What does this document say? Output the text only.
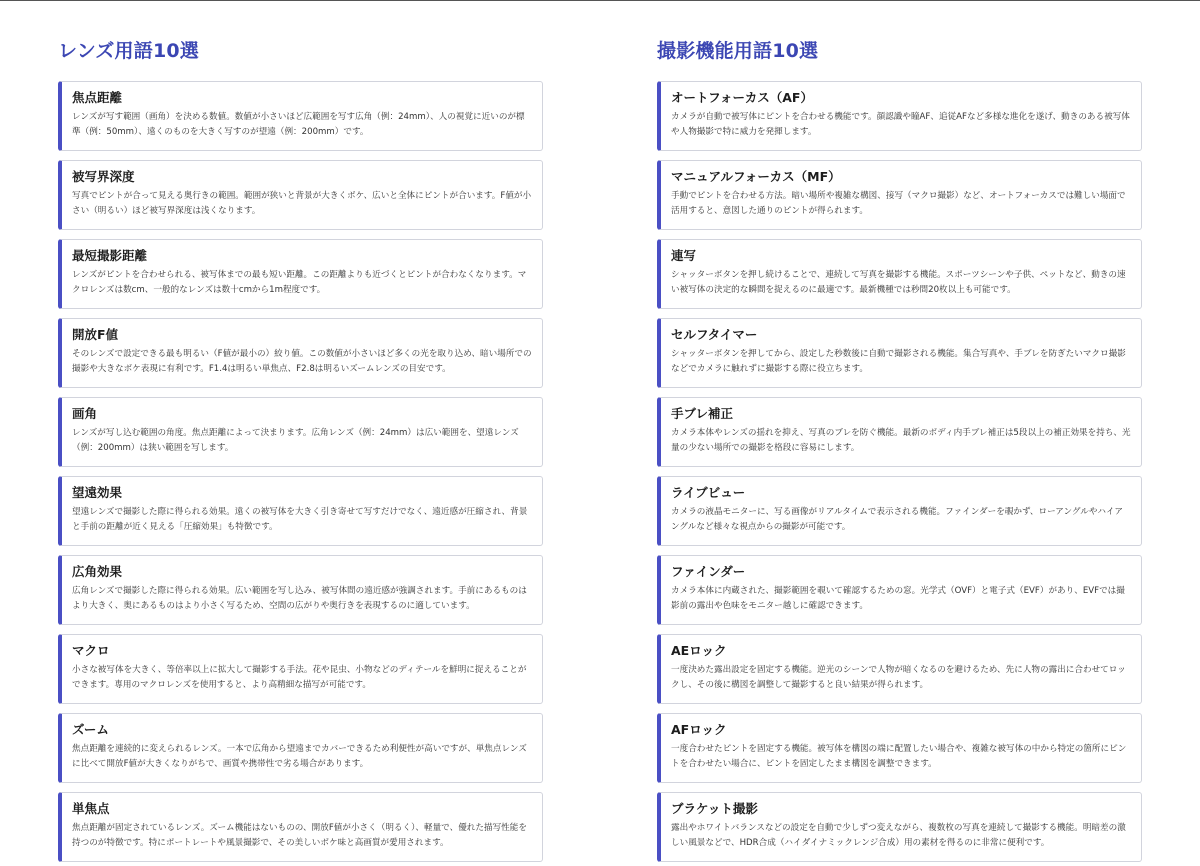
レンズ用語10選
焦点距離

レンズが写す範囲（画角）を決める数値。数値が小さいほど広範囲を写す広角（例：24mm）、人の視覚に近いのが標準（例：50mm）、遠くのものを大きく写すのが望遠（例：200mm）です。

被写界深度

写真でピントが合って見える奥行きの範囲。範囲が狭いと背景が大きくボケ、広いと全体にピントが合います。F値が小さい（明るい）ほど被写界深度は浅くなります。

最短撮影距離

レンズがピントを合わせられる、被写体までの最も短い距離。この距離よりも近づくとピントが合わなくなります。マクロレンズは数cm、一般的なレンズは数十cmから1m程度です。

開放F値

そのレンズで設定できる最も明るい（F値が最小の）絞り値。この数値が小さいほど多くの光を取り込め、暗い場所での撮影や大きなボケ表現に有利です。F1.4は明るい単焦点、F2.8は明るいズームレンズの目安です。

画角

レンズが写し込む範囲の角度。焦点距離によって決まります。広角レンズ（例：24mm）は広い範囲を、望遠レンズ（例：200mm）は狭い範囲を写します。

望遠効果

望遠レンズで撮影した際に得られる効果。遠くの被写体を大きく引き寄せて写すだけでなく、遠近感が圧縮され、背景と手前の距離が近く見える「圧縮効果」も特徴です。

広角効果

広角レンズで撮影した際に得られる効果。広い範囲を写し込み、被写体間の遠近感が強調されます。手前にあるものはより大きく、奥にあるものはより小さく写るため、空間の広がりや奥行きを表現するのに適しています。

マクロ

小さな被写体を大きく、等倍率以上に拡大して撮影する手法。花や昆虫、小物などのディテールを鮮明に捉えることができます。専用のマクロレンズを使用すると、より高精細な描写が可能です。

ズーム

焦点距離を連続的に変えられるレンズ。一本で広角から望遠までカバーできるため利便性が高いですが、単焦点レンズに比べて開放F値が大きくなりがちで、画質や携帯性で劣る場合があります。

単焦点

焦点距離が固定されているレンズ。ズーム機能はないものの、開放F値が小さく（明るく）、軽量で、優れた描写性能を持つのが特徴です。特にポートレートや風景撮影で、その美しいボケ味と高画質が愛用されます。

撮影機能用語10選
オートフォーカス（AF）

カメラが自動で被写体にピントを合わせる機能です。顔認識や瞳AF、追従AFなど多様な進化を遂げ、動きのある被写体や人物撮影で特に威力を発揮します。

マニュアルフォーカス（MF）

手動でピントを合わせる方法。暗い場所や複雑な構図、接写（マクロ撮影）など、オートフォーカスでは難しい場面で活用すると、意図した通りのピントが得られます。

連写

シャッターボタンを押し続けることで、連続して写真を撮影する機能。スポーツシーンや子供、ペットなど、動きの速い被写体の決定的な瞬間を捉えるのに最適です。最新機種では秒間20枚以上も可能です。

セルフタイマー

シャッターボタンを押してから、設定した秒数後に自動で撮影される機能。集合写真や、手ブレを防ぎたいマクロ撮影などでカメラに触れずに撮影する際に役立ちます。

手ブレ補正

カメラ本体やレンズの揺れを抑え、写真のブレを防ぐ機能。最新のボディ内手ブレ補正は5段以上の補正効果を持ち、光量の少ない場所での撮影を格段に容易にします。

ライブビュー

カメラの液晶モニターに、写る画像がリアルタイムで表示される機能。ファインダーを覗かず、ローアングルやハイアングルなど様々な視点からの撮影が可能です。

ファインダー

カメラ本体に内蔵された、撮影範囲を覗いて確認するための窓。光学式（OVF）と電子式（EVF）があり、EVFでは撮影前の露出や色味をモニター越しに確認できます。

AEロック

一度決めた露出設定を固定する機能。逆光のシーンで人物が暗くなるのを避けるため、先に人物の露出に合わせてロックし、その後に構図を調整して撮影すると良い結果が得られます。

AFロック

一度合わせたピントを固定する機能。被写体を構図の端に配置したい場合や、複雑な被写体の中から特定の箇所にピントを合わせたい場合に、ピントを固定したまま構図を調整できます。

ブラケット撮影

露出やホワイトバランスなどの設定を自動で少しずつ変えながら、複数枚の写真を連続して撮影する機能。明暗差の激しい風景などで、HDR合成（ハイダイナミックレンジ合成）用の素材を得るのに非常に便利です。
